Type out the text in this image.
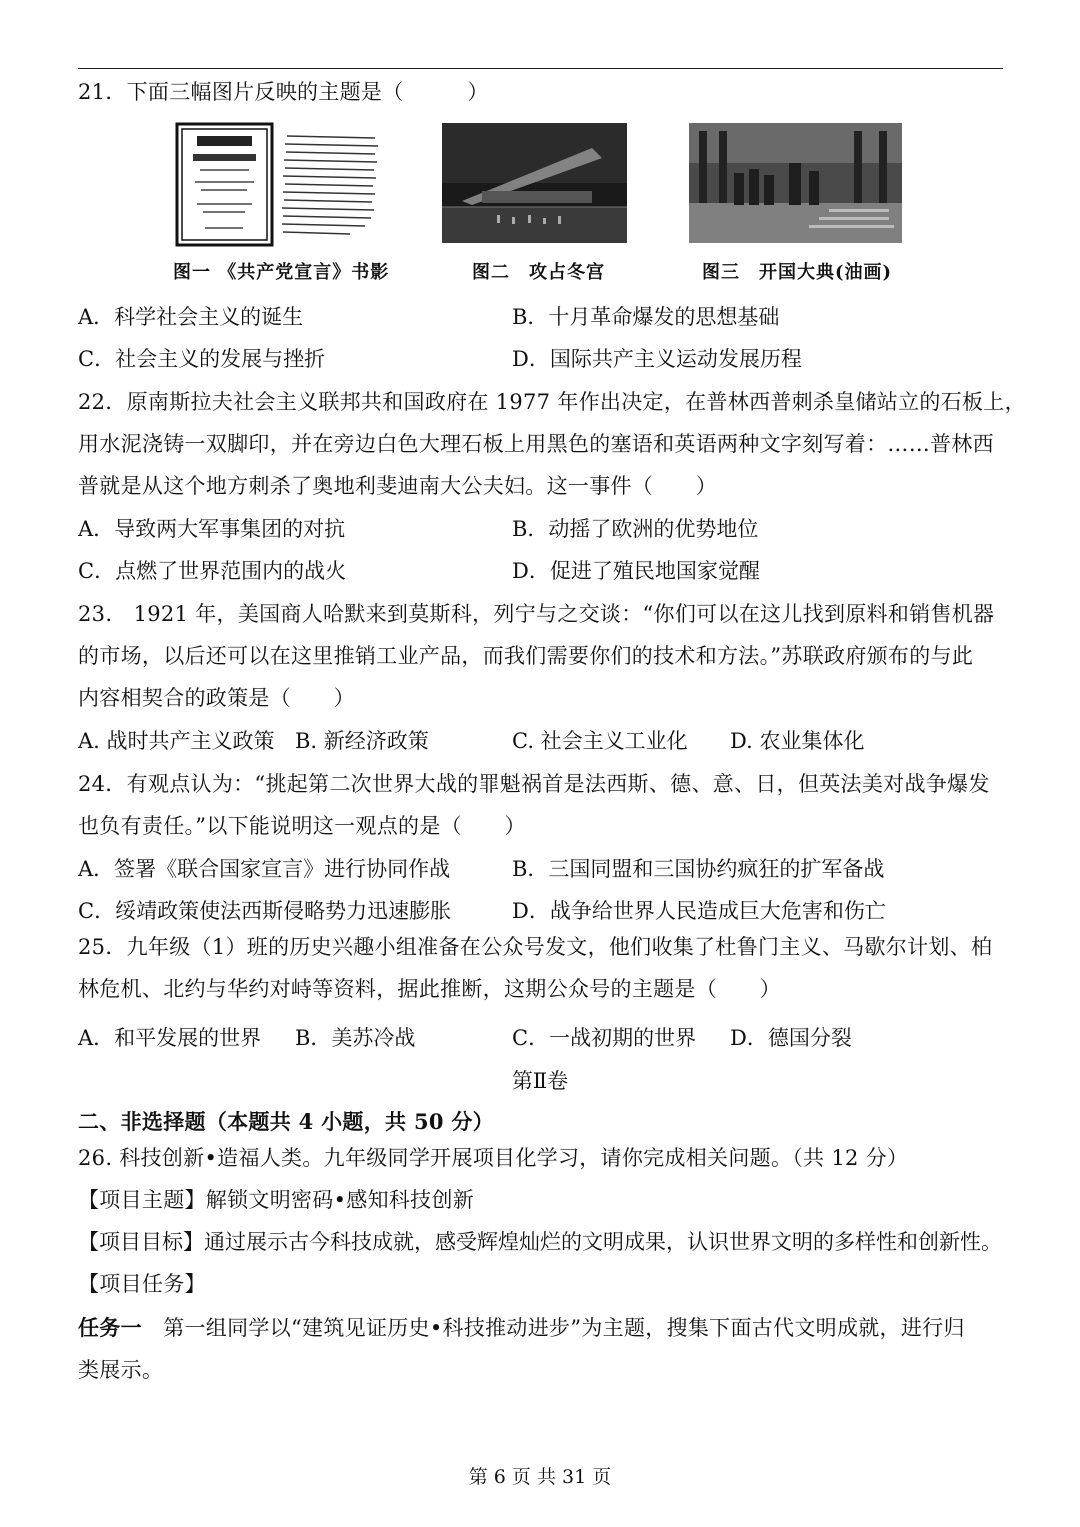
21．下面三幅图片反映的主题是（　　　）
图一 《共产党宣言》书影	图二　攻占冬宫	图三　开国大典(油画)
A．科学社会主义的诞生	B．十月革命爆发的思想基础
C．社会主义的发展与挫折	D．国际共产主义运动发展历程
22．原南斯拉夫社会主义联邦共和国政府在 1977 年作出决定，在普林西普刺杀皇储站立的石板上，
用水泥浇铸一双脚印，并在旁边白色大理石板上用黑色的塞语和英语两种文字刻写着：……普林西
普就是从这个地方刺杀了奥地利斐迪南大公夫妇。这一事件（　　）
A．导致两大军事集团的对抗	B．动摇了欧洲的优势地位
C．点燃了世界范围内的战火	D．促进了殖民地国家觉醒
23.　1921 年，美国商人哈默来到莫斯科，列宁与之交谈：“你们可以在这儿找到原料和销售机器
的市场，以后还可以在这里推销工业产品，而我们需要你们的技术和方法。”苏联政府颁布的与此
内容相契合的政策是（　　）
A. 战时共产主义政策 B. 新经济政策	C. 社会主义工业化 D. 农业集体化
24．有观点认为：“挑起第二次世界大战的罪魁祸首是法西斯、德、意、日，但英法美对战争爆发
也负有责任。”以下能说明这一观点的是（　　）
A．签署《联合国家宣言》进行协同作战	B．三国同盟和三国协约疯狂的扩军备战
C．绥靖政策使法西斯侵略势力迅速膨胀	D．战争给世界人民造成巨大危害和伤亡
25．九年级（1）班的历史兴趣小组准备在公众号发文，他们收集了杜鲁门主义、马歇尔计划、柏
林危机、北约与华约对峙等资料，据此推断，这期公众号的主题是（　　）
A．和平发展的世界 B．美苏冷战	C．一战初期的世界 D．德国分裂
第Ⅱ卷
二、非选择题（本题共 4 小题，共 50 分）
26. 科技创新•造福人类。九年级同学开展项目化学习，请你完成相关问题。（共 12 分）
【项目主题】解锁文明密码•感知科技创新
【项目目标】通过展示古今科技成就，感受辉煌灿烂的文明成果，认识世界文明的多样性和创新性。
【项目任务】
任务一　第一组同学以“建筑见证历史•科技推动进步”为主题，搜集下面古代文明成就，进行归
类展示。
第 6 页 共 31 页
